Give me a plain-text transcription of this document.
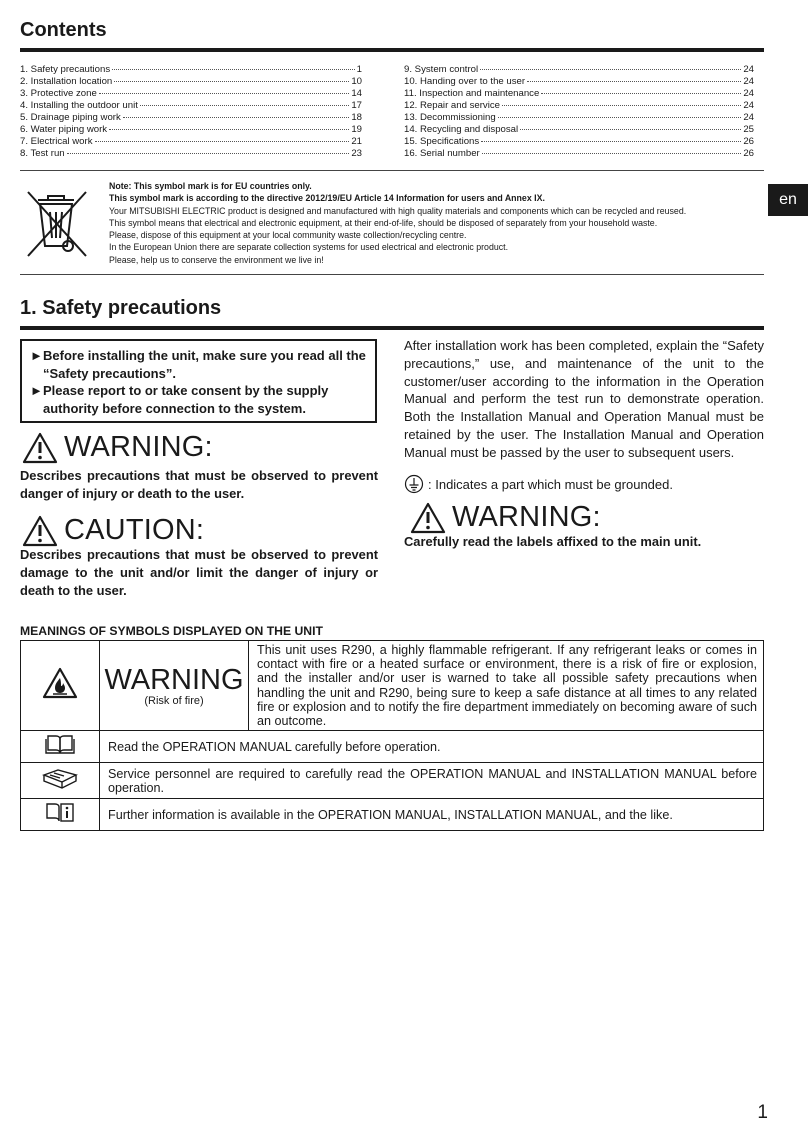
Contents
1. Safety precautions	1
2. Installation location	10
3. Protective zone	14
4. Installing the outdoor unit	17
5. Drainage piping work	18
6. Water piping work	19
7. Electrical work	21
8. Test run	23
9. System control	24
10. Handing over to the user	24
11. Inspection and maintenance	24
12. Repair and service	24
13. Decommissioning	24
14. Recycling and disposal	25
15. Specifications	26
16. Serial number	26
Note: This symbol mark is for EU countries only.
This symbol mark is according to the directive 2012/19/EU Article 14 Information for users and Annex IX.
Your MITSUBISHI ELECTRIC product is designed and manufactured with high quality materials and components which can be recycled and reused.
This symbol means that electrical and electronic equipment, at their end-of-life, should be disposed of separately from your household waste.
Please, dispose of this equipment at your local community waste collection/recycling centre.
In the European Union there are separate collection systems for used electrical and electronic product.
Please, help us to conserve the environment we live in!
en
1. Safety precautions
► Before installing the unit, make sure you read all the “Safety precautions”.
► Please report to or take consent by the supply authority before connection to the system.
WARNING:
Describes precautions that must be observed to prevent danger of injury or death to the user.
CAUTION:
Describes precautions that must be observed to prevent damage to the unit and/or limit the danger of injury or death to the user.
After installation work has been completed, explain the “Safety precautions,” use, and maintenance of the unit to the customer/user according to the information in the Operation Manual and perform the test run to demonstrate operation. Both the Installation Manual and Operation Manual must be retained by the user. The Installation Manual and Operation Manual must be passed by the user to subsequent users.
: Indicates a part which must be grounded.
WARNING:
Carefully read the labels affixed to the main unit.
MEANINGS OF SYMBOLS DISPLAYED ON THE UNIT

WARNING
(Risk of fire)	This unit uses R290, a highly flammable refrigerant. If any refrigerant leaks or comes in contact with fire or a heated surface or environment, there is a risk of fire or explosion, and the installer and/or user is warned to take all possible safety precautions when handling the unit and R290, being sure to keep a safe distance at all times to any related fire or explosion and to notify the fire department immediately on becoming aware of such an outcome.
	Read the OPERATION MANUAL carefully before operation.	
	Service personnel are required to carefully read the OPERATION MANUAL and INSTALLATION MANUAL before operation.	
	Further information is available in the OPERATION MANUAL, INSTALLATION MANUAL, and the like.	
1
